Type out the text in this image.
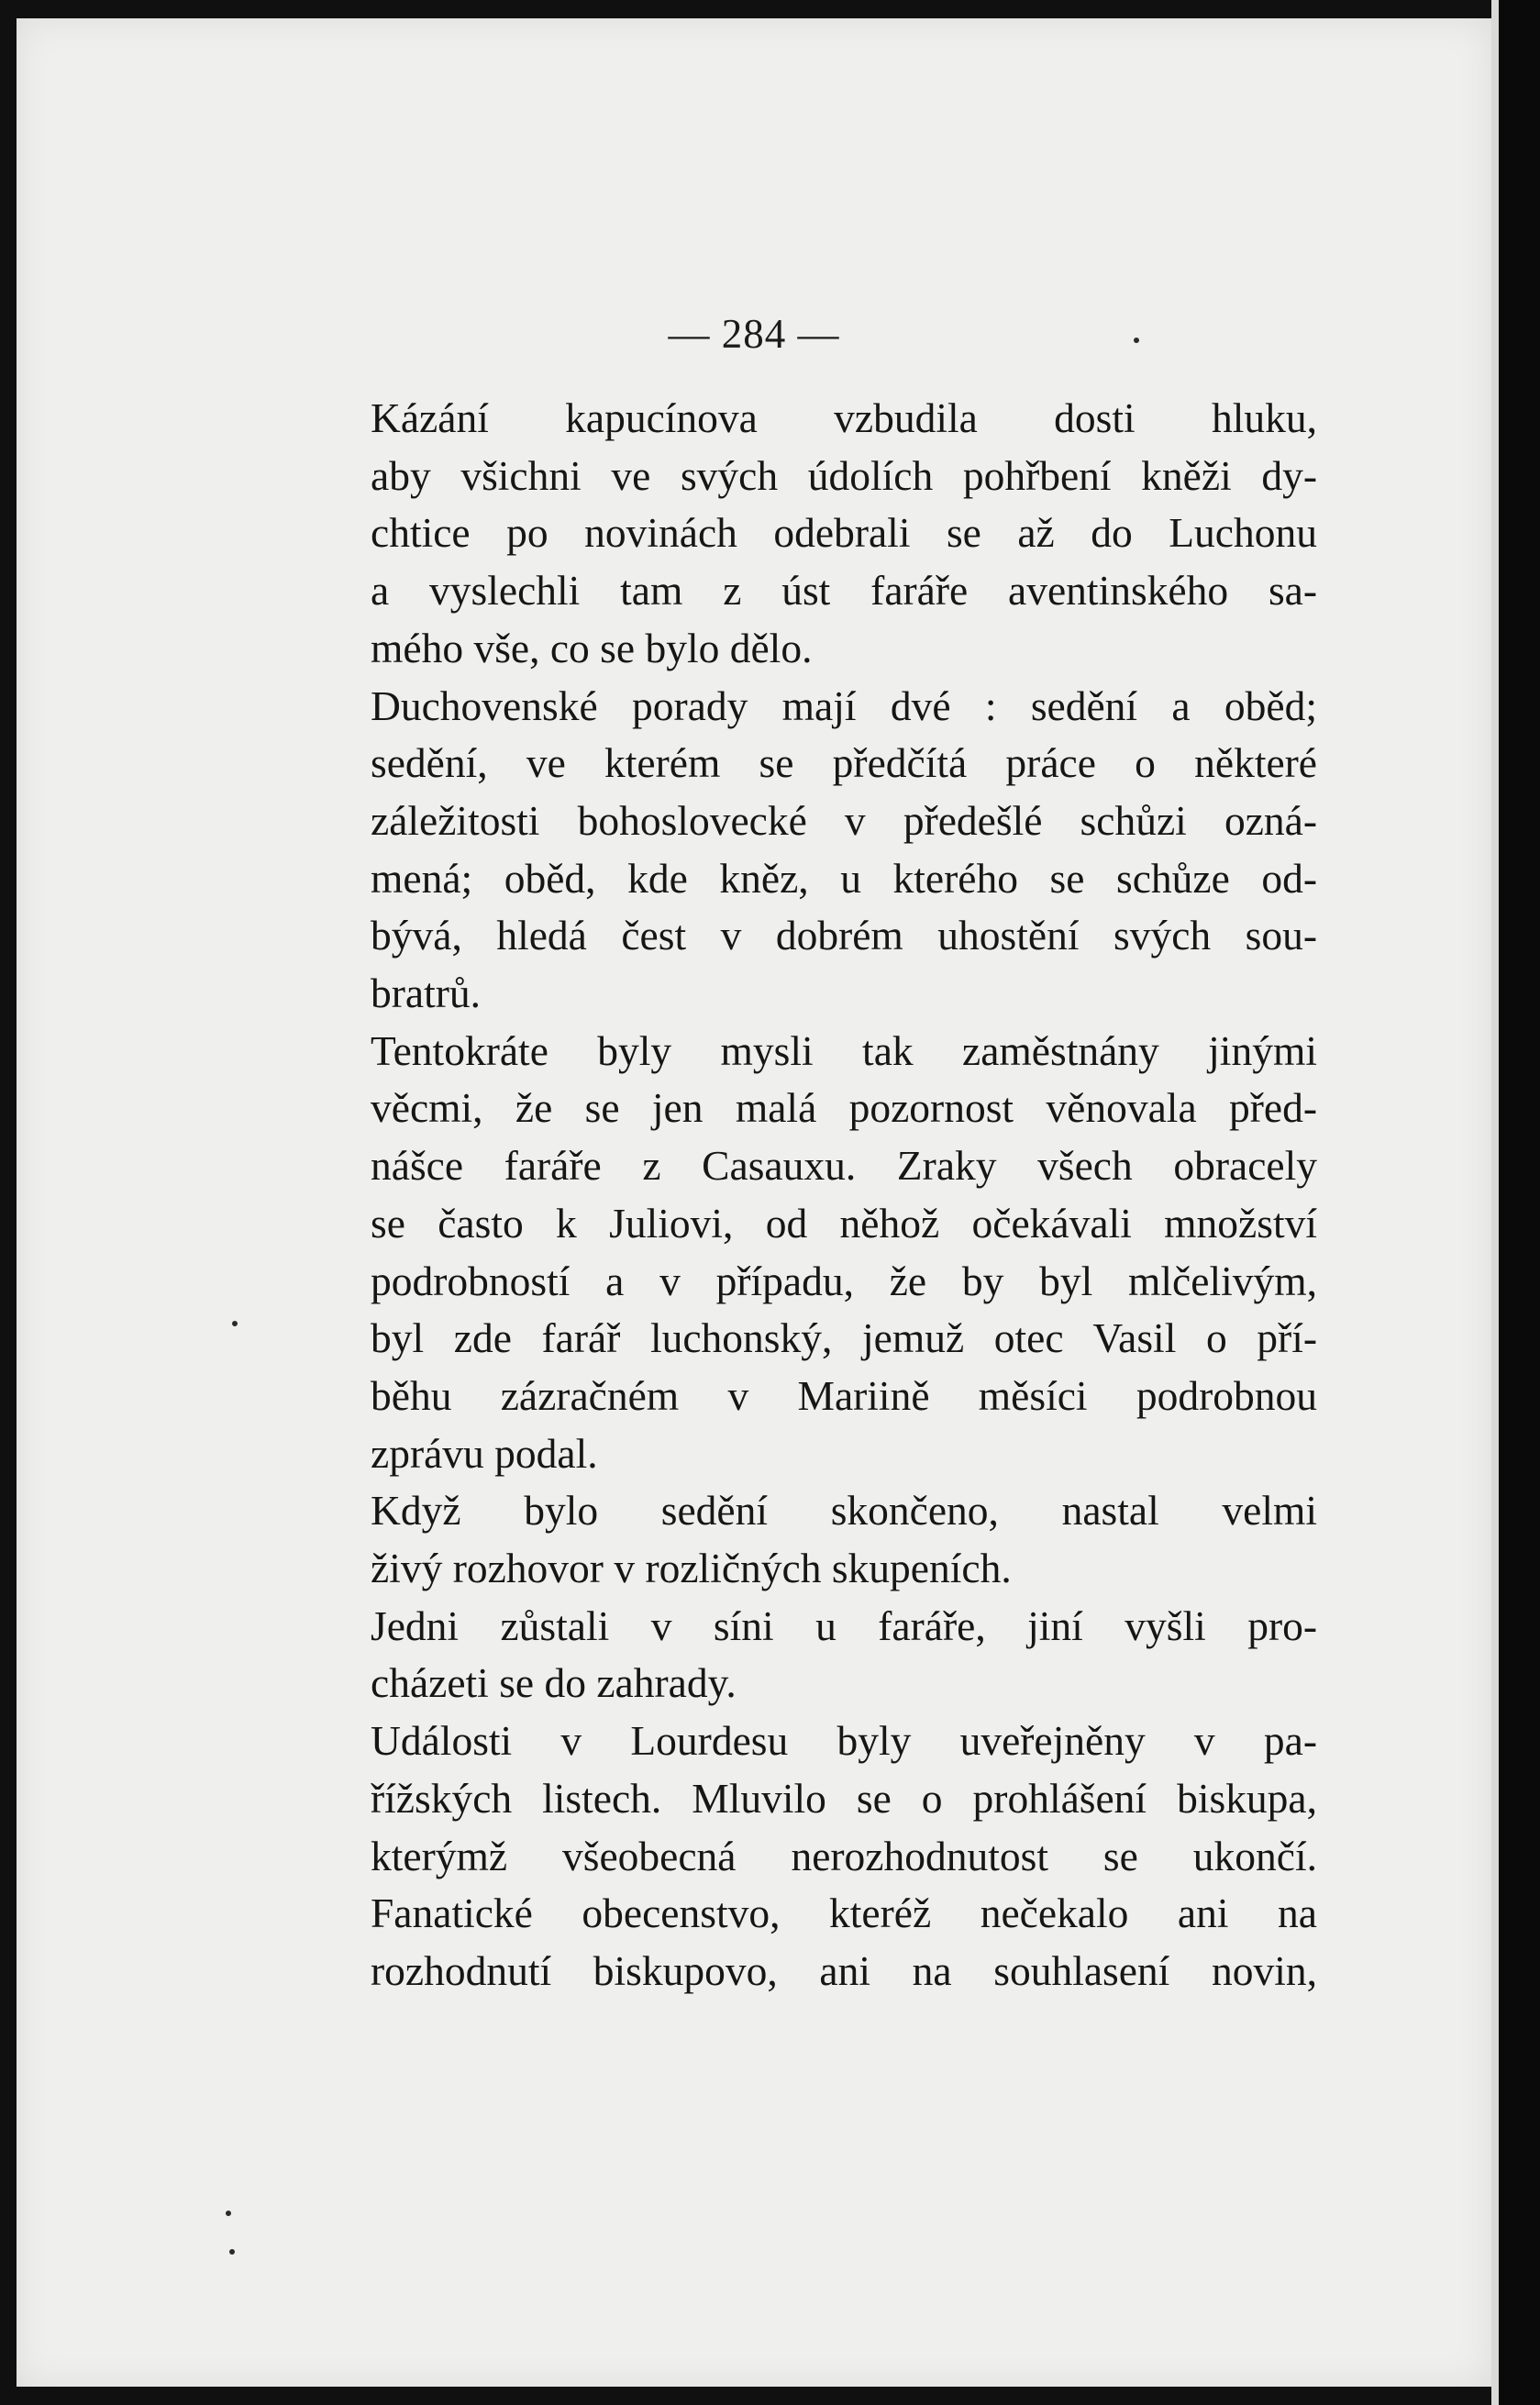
— 284 —

Kázání kapucínova vzbudila dosti hluku,
aby všichni ve svých údolích pohřbení kněži dy-
chtice po novinách odebrali se až do Luchonu
a vyslechli tam z úst faráře aventinského sa-
mého vše, co se bylo dělo.

Duchovenské porady mají dvé : sedění a oběd;
sedění, ve kterém se předčítá práce o některé
záležitosti bohoslovecké v předešlé schůzi ozná-
mená; oběd, kde kněz, u kterého se schůze od-
bývá, hledá čest v dobrém uhostění svých sou-
bratrů.

Tentokráte byly mysli tak zaměstnány jinými
věcmi, že se jen malá pozornost věnovala před-
nášce faráře z Casauxu. Zraky všech obracely
se často k Juliovi, od něhož očekávali množství
podrobností a v případu, že by byl mlčelivým,
byl zde farář luchonský, jemuž otec Vasil o pří-
běhu zázračném v Mariině měsíci podrobnou
zprávu podal.

Když bylo sedění skončeno, nastal velmi
živý rozhovor v rozličných skupeních.

Jedni zůstali v síni u faráře, jiní vyšli pro-
cházeti se do zahrady.

Události v Lourdesu byly uveřejněny v pa-
řížských listech. Mluvilo se o prohlášení biskupa,
kterýmž všeobecná nerozhodnutost se ukončí.
Fanatické obecenstvo, kteréž nečekalo ani na
rozhodnutí biskupovo, ani na souhlasení novin,
